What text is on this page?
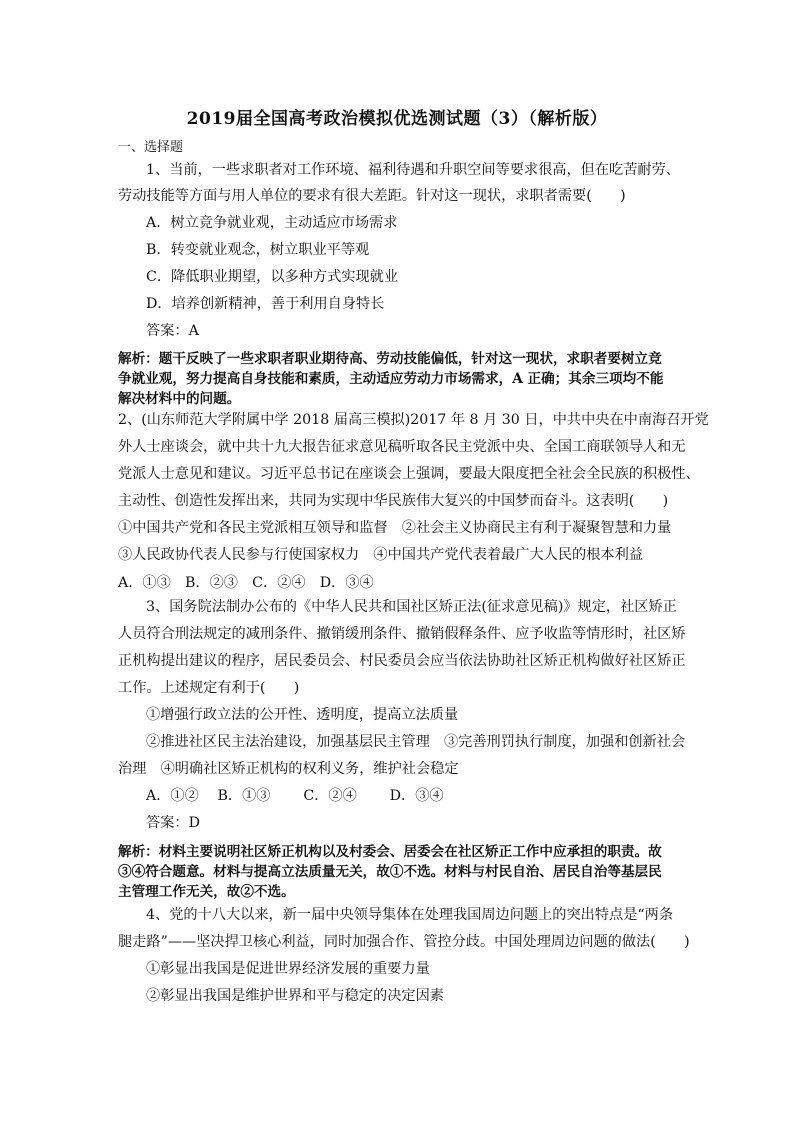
2019届全国高考政治模拟优选测试题（3）（解析版）
一、选择题
1、当前，一些求职者对工作环境、福利待遇和升职空间等要求很高，但在吃苦耐劳、
劳动技能等方面与用人单位的要求有很大差距。针对这一现状，求职者需要(　　)
A．树立竞争就业观，主动适应市场需求
B．转变就业观念，树立职业平等观
C．降低职业期望，以多种方式实现就业
D．培养创新精神，善于利用自身特长
答案：A
解析：题干反映了一些求职者职业期待高、劳动技能偏低，针对这一现状，求职者要树立竞
争就业观，努力提高自身技能和素质，主动适应劳动力市场需求，A 正确；其余三项均不能
解决材料中的问题。
2、(山东师范大学附属中学 2018 届高三模拟)2017 年 8 月 30 日，中共中央在中南海召开党
外人士座谈会，就中共十九大报告征求意见稿听取各民主党派中央、全国工商联领导人和无
党派人士意见和建议。习近平总书记在座谈会上强调，要最大限度把全社会全民族的积极性、
主动性、创造性发挥出来，共同为实现中华民族伟大复兴的中国梦而奋斗。这表明(　　)
①中国共产党和各民主党派相互领导和监督　②社会主义协商民主有利于凝聚智慧和力量
③人民政协代表人民参与行使国家权力　④中国共产党代表着最广大人民的根本利益
A．①③　B．②③　C．②④　D．③④
3、国务院法制办公布的《中华人民共和国社区矫正法(征求意见稿)》规定，社区矫正
人员符合刑法规定的减刑条件、撤销缓刑条件、撤销假释条件、应予收监等情形时，社区矫
正机构提出建议的程序，居民委员会、村民委员会应当依法协助社区矫正机构做好社区矫正
工作。上述规定有利于(　　)
①增强行政立法的公开性、透明度，提高立法质量
②推进社区民主法治建设，加强基层民主管理　③完善刑罚执行制度，加强和创新社会
治理　④明确社区矫正机构的权利义务，维护社会稳定
A．①②　 B．①③　　 C．②④　　 D．③④
答案：D
解析：材料主要说明社区矫正机构以及村委会、居委会在社区矫正工作中应承担的职责。故
③④符合题意。材料与提高立法质量无关，故①不选。材料与村民自治、居民自治等基层民
主管理工作无关，故②不选。
4、党的十八大以来，新一届中央领导集体在处理我国周边问题上的突出特点是“两条
腿走路”——坚决捍卫核心利益，同时加强合作、管控分歧。中国处理周边问题的做法(　　)
①彰显出我国是促进世界经济发展的重要力量
②彰显出我国是维护世界和平与稳定的决定因素
